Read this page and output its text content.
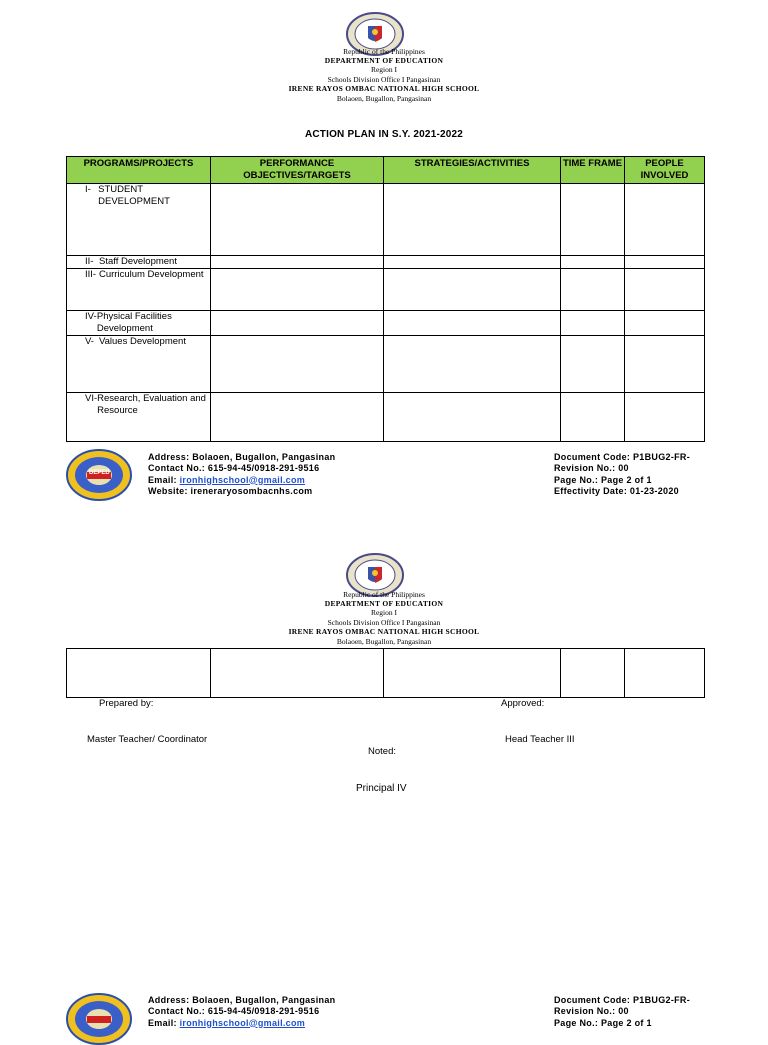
Republic of the Philippines
DEPARTMENT OF EDUCATION
Region I
Schools Division Office I Pangasinan
IRENE RAYOS OMBAC NATIONAL HIGH SCHOOL
Bolaoen, Bugallon, Pangasinan
ACTION PLAN IN S.Y. 2021-2022
PROGRAMS/PROJECTS	PERFORMANCE OBJECTIVES/TARGETS	STRATEGIES/ACTIVITIES	TIME FRAME	PEOPLE INVOLVED

I- STUDENT DEVELOPMENT				

II- Staff Development				

III- Curriculum Development				

IV- Physical Facilities Development				

V- Values Development				

VI- Research, Evaluation and Resource				

DEPED
Address: Bolaoen, Bugallon, Pangasinan
Contact No.: 615-94-45/0918-291-9516
Email: ironhighschool@gmail.com
Website: ireneraryosombacnhs.com
Document Code: P1BUG2-FR-
Revision No.: 00
Page No.: Page 2 of 1
Effectivity Date: 01-23-2020
Republic of the Philippines
DEPARTMENT OF EDUCATION
Region I
Schools Division Office I Pangasinan
IRENE RAYOS OMBAC NATIONAL HIGH SCHOOL
Bolaoen, Bugallon, Pangasinan

Prepared by:	Approved:
Master Teacher/ Coordinator	Head Teacher III
Noted:
Principal IV
Address: Bolaoen, Bugallon, Pangasinan
Contact No.: 615-94-45/0918-291-9516
Email: ironhighschool@gmail.com
Document Code: P1BUG2-FR-
Revision No.: 00
Page No.: Page 2 of 1
